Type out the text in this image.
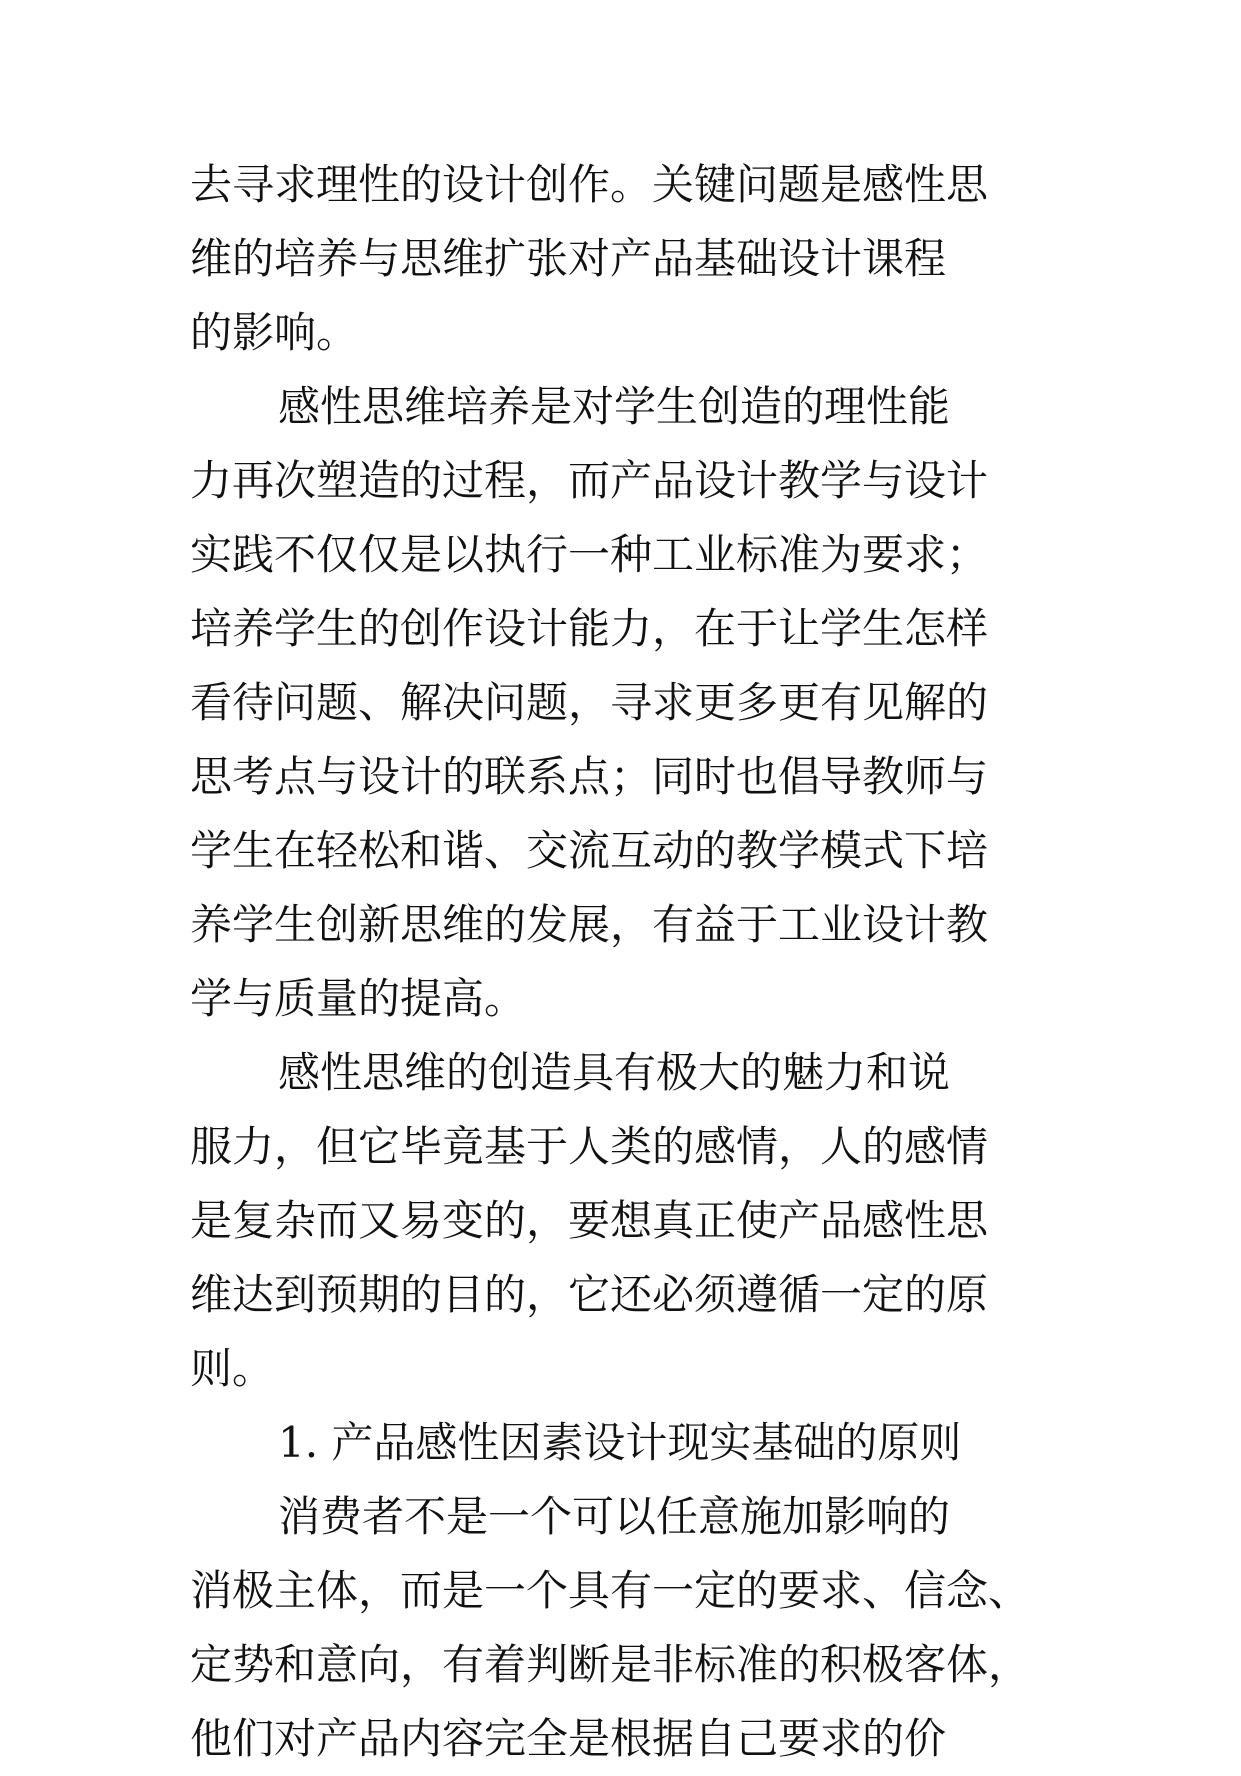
去寻求理性的设计创作。关键问题是感性思
维的培养与思维扩张对产品基础设计课程
的影响。
感性思维培养是对学生创造的理性能
力再次塑造的过程，而产品设计教学与设计
实践不仅仅是以执行一种工业标准为要求；
培养学生的创作设计能力，在于让学生怎样
看待问题、解决问题，寻求更多更有见解的
思考点与设计的联系点；同时也倡导教师与
学生在轻松和谐、交流互动的教学模式下培
养学生创新思维的发展，有益于工业设计教
学与质量的提高。
感性思维的创造具有极大的魅力和说
服力，但它毕竟基于人类的感情，人的感情
是复杂而又易变的，要想真正使产品感性思
维达到预期的目的，它还必须遵循一定的原
则。
1. 产品感性因素设计现实基础的原则
消费者不是一个可以任意施加影响的
消极主体，而是一个具有一定的要求、信念、
定势和意向，有着判断是非标准的积极客体，
他们对产品内容完全是根据自己要求的价
